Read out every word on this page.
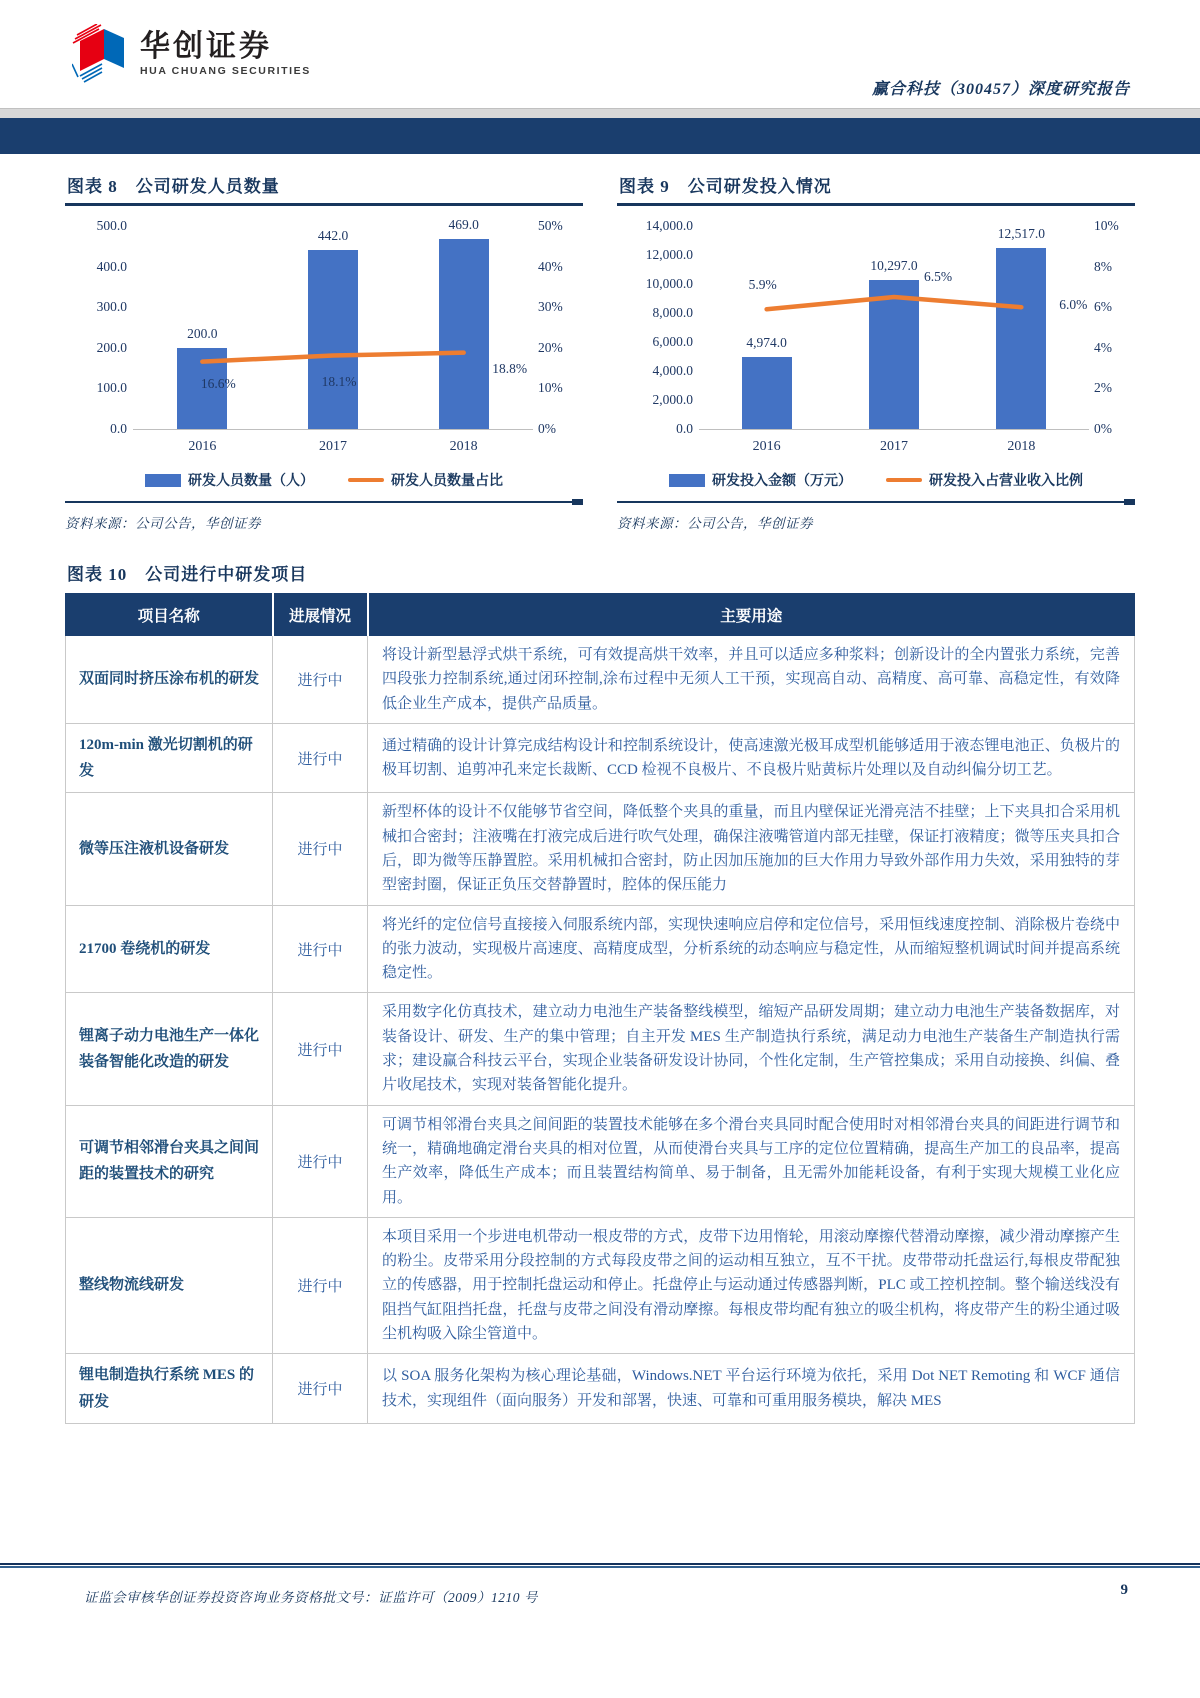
华创证券
HUA CHUANG SECURITIES
赢合科技（300457）深度研究报告
图表 8　公司研发人员数量
500.0
400.0
300.0
200.0
100.0
0.0
50%
40%
30%
20%
10%
0%
200.0
2016
442.0
2017
469.0
2018
16.6%	18.1%
18.8%
研发人员数量（人）	研发人员数量占比
资料来源：公司公告，华创证券
图表 9　公司研发投入情况
14,000.0
12,000.0
10,000.0
8,000.0
6,000.0
4,000.0
2,000.0
0.0
10%
8%
6%
4%
2%
0%
4,974.0
2016
10,297.0
2017
12,517.0
2018
5.9%
6.5%
6.0%
研发投入金额（万元）	研发投入占营业收入比例
资料来源：公司公告，华创证券
图表 10　公司进行中研发项目
项目名称	进展情况	主要用途
双面同时挤压涂布机的研发	进行中	将设计新型悬浮式烘干系统，可有效提高烘干效率，并且可以适应多种浆料；创新设计的全内置张力系统，完善四段张力控制系统,通过闭环控制,涂布过程中无须人工干预，实现高自动、高精度、高可靠、高稳定性，有效降低企业生产成本，提供产品质量。
120m-min 激光切割机的研发	进行中	通过精确的设计计算完成结构设计和控制系统设计，使高速激光极耳成型机能够适用于液态锂电池正、负极片的极耳切割、追剪冲孔来定长裁断、CCD 检视不良极片、不良极片贴黄标片处理以及自动纠偏分切工艺。
微等压注液机设备研发	进行中	新型杯体的设计不仅能够节省空间，降低整个夹具的重量，而且内壁保证光滑亮洁不挂壁；上下夹具扣合采用机械扣合密封；注液嘴在打液完成后进行吹气处理，确保注液嘴管道内部无挂壁，保证打液精度；微等压夹具扣合后，即为微等压静置腔。采用机械扣合密封，防止因加压施加的巨大作用力导致外部作用力失效，采用独特的芽型密封圈，保证正负压交替静置时，腔体的保压能力
21700 卷绕机的研发	进行中	将光纤的定位信号直接接入伺服系统内部，实现快速响应启停和定位信号，采用恒线速度控制、消除极片卷绕中的张力波动，实现极片高速度、高精度成型，分析系统的动态响应与稳定性，从而缩短整机调试时间并提高系统稳定性。
锂离子动力电池生产一体化装备智能化改造的研发	进行中	采用数字化仿真技术，建立动力电池生产装备整线模型，缩短产品研发周期；建立动力电池生产装备数据库，对装备设计、研发、生产的集中管理；自主开发 MES 生产制造执行系统，满足动力电池生产装备生产制造执行需求；建设赢合科技云平台，实现企业装备研发设计协同，个性化定制，生产管控集成；采用自动接换、纠偏、叠片收尾技术，实现对装备智能化提升。
可调节相邻滑台夹具之间间距的装置技术的研究	进行中	可调节相邻滑台夹具之间间距的装置技术能够在多个滑台夹具同时配合使用时对相邻滑台夹具的间距进行调节和统一，精确地确定滑台夹具的相对位置，从而使滑台夹具与工序的定位位置精确，提高生产加工的良品率，提高生产效率，降低生产成本；而且装置结构简单、易于制备，且无需外加能耗设备，有利于实现大规模工业化应用。
整线物流线研发	进行中	本项目采用一个步进电机带动一根皮带的方式，皮带下边用惰轮，用滚动摩擦代替滑动摩擦，减少滑动摩擦产生的粉尘。皮带采用分段控制的方式每段皮带之间的运动相互独立，互不干扰。皮带带动托盘运行,每根皮带配独立的传感器，用于控制托盘运动和停止。托盘停止与运动通过传感器判断，PLC 或工控机控制。整个输送线没有阻挡气缸阻挡托盘，托盘与皮带之间没有滑动摩擦。每根皮带均配有独立的吸尘机构，将皮带产生的粉尘通过吸尘机构吸入除尘管道中。
锂电制造执行系统 MES 的研发	进行中	以 SOA 服务化架构为核心理论基础，Windows.NET 平台运行环境为依托，采用 Dot NET Remoting 和 WCF 通信技术，实现组件（面向服务）开发和部署，快速、可靠和可重用服务模块，解决 MES
证监会审核华创证券投资咨询业务资格批文号：证监许可（2009）1210 号	9
